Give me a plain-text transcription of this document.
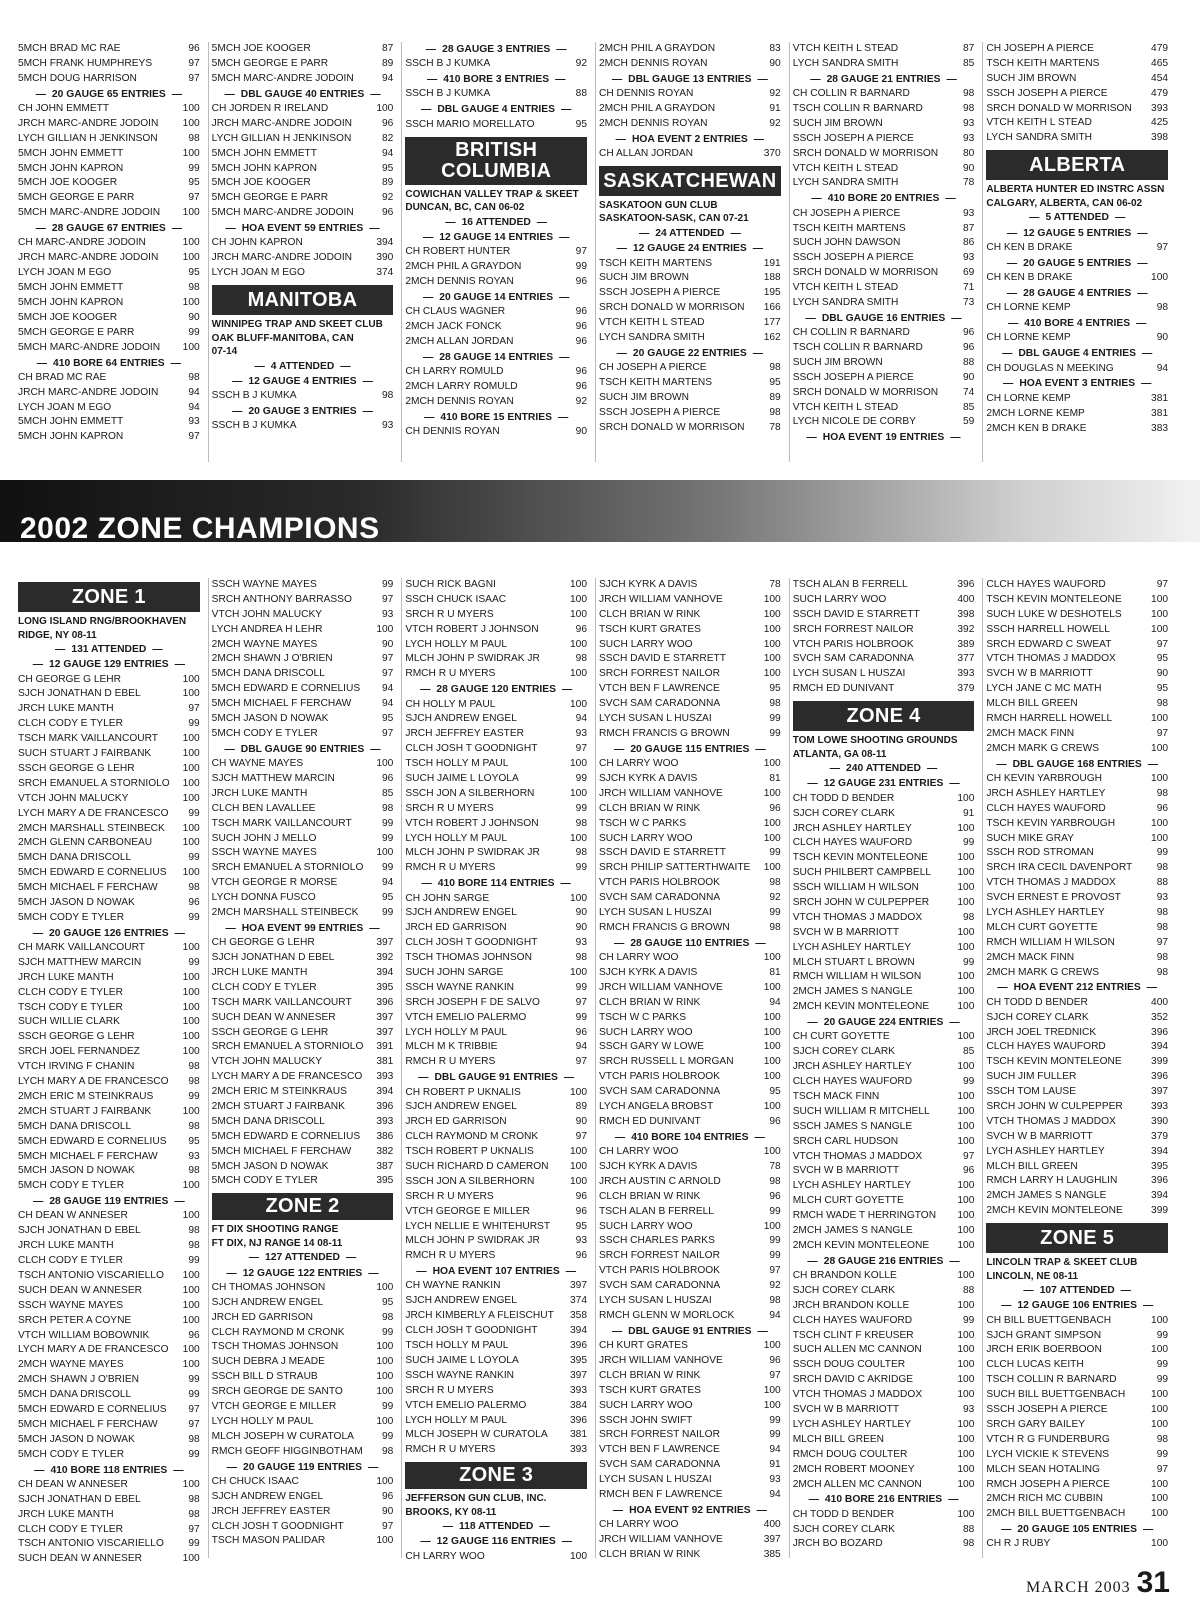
5MCH BRAD MC RAE	96
5MCH FRANK HUMPHREYS	97
5MCH DOUG HARRISON	97
— 20 GAUGE 65 ENTRIES —
CH JOHN EMMETT	100
JRCH MARC-ANDRE JODOIN 100
LYCH GILLIAN H JENKINSON	98
5MCH JOHN EMMETT	100
5MCH JOHN KAPRON	99
5MCH JOE KOOGER	95
5MCH GEORGE E PARR	97
5MCH MARC-ANDRE JODOIN 100
— 28 GAUGE 67 ENTRIES —
CH MARC-ANDRE JODOIN	100
JRCH MARC-ANDRE JODOIN 100
LYCH JOAN M EGO	95
5MCH JOHN EMMETT	98
5MCH JOHN KAPRON	100
5MCH JOE KOOGER	90
5MCH GEORGE E PARR	99
5MCH MARC-ANDRE JODOIN 100
— 410 BORE 64 ENTRIES —
CH BRAD MC RAE	98
JRCH MARC-ANDRE JODOIN	94
LYCH JOAN M EGO	94
5MCH JOHN EMMETT	93
5MCH JOHN KAPRON	97
5MCH JOE KOOGER	87
5MCH GEORGE E PARR	89
5MCH MARC-ANDRE JODOIN	94
— DBL GAUGE 40 ENTRIES —
CH JORDEN R IRELAND	100
JRCH MARC-ANDRE JODOIN	96
LYCH GILLIAN H JENKINSON	82
5MCH JOHN EMMETT	94
5MCH JOHN KAPRON	95
5MCH JOE KOOGER	89
5MCH GEORGE E PARR	92
5MCH MARC-ANDRE JODOIN	96
— HOA EVENT 59 ENTRIES —
CH JOHN KAPRON	394
JRCH MARC-ANDRE JODOIN 390
LYCH JOAN M EGO	374
MANITOBA
WINNIPEG TRAP AND SKEET CLUB
OAK BLUFF-MANITOBA, CAN
07-14
— 4 ATTENDED —
— 12 GAUGE 4 ENTRIES —
SSCH B J KUMKA	98
— 20 GAUGE 3 ENTRIES —
SSCH B J KUMKA	93
— 28 GAUGE 3 ENTRIES —
SSCH B J KUMKA	92
— 410 BORE 3 ENTRIES —
SSCH B J KUMKA	88
— DBL GAUGE 4 ENTRIES —
SSCH MARIO MORELLATO	95
BRITISH COLUMBIA
COWICHAN VALLEY TRAP & SKEET
DUNCAN, BC, CAN 06-02
— 16 ATTENDED —
— 12 GAUGE 14 ENTRIES —
CH ROBERT HUNTER	97
2MCH PHIL A GRAYDON	99
2MCH DENNIS ROYAN	96
— 20 GAUGE 14 ENTRIES —
CH CLAUS WAGNER	96
2MCH JACK FONCK	96
2MCH ALLAN JORDAN	96
— 28 GAUGE 14 ENTRIES —
CH LARRY ROMULD	96
2MCH LARRY ROMULD	96
2MCH DENNIS ROYAN	92
— 410 BORE 15 ENTRIES —
CH DENNIS ROYAN	90
2MCH PHIL A GRAYDON	83
2MCH DENNIS ROYAN	90
— DBL GAUGE 13 ENTRIES —
CH DENNIS ROYAN	92
2MCH PHIL A GRAYDON	91
2MCH DENNIS ROYAN	92
— HOA EVENT 2 ENTRIES —
CH ALLAN JORDAN	370
SASKATCHEWAN
SASKATOON GUN CLUB
SASKATOON-SASK, CAN 07-21
— 24 ATTENDED —
— 12 GAUGE 24 ENTRIES —
TSCH KEITH MARTENS	191
SUCH JIM BROWN	188
SSCH JOSEPH A PIERCE	195
SRCH DONALD W MORRISON 166
VTCH KEITH L STEAD	177
LYCH SANDRA SMITH	162
— 20 GAUGE 22 ENTRIES —
CH JOSEPH A PIERCE	98
TSCH KEITH MARTENS	95
SUCH JIM BROWN	89
SSCH JOSEPH A PIERCE	98
SRCH DONALD W MORRISON 78
VTCH KEITH L STEAD	87
LYCH SANDRA SMITH	85
— 28 GAUGE 21 ENTRIES —
CH COLLIN R BARNARD	98
TSCH COLLIN R BARNARD	98
SUCH JIM BROWN	93
SSCH JOSEPH A PIERCE	93
SRCH DONALD W MORRISON 80
VTCH KEITH L STEAD	90
LYCH SANDRA SMITH	78
— 410 BORE 20 ENTRIES —
CH JOSEPH A PIERCE	93
TSCH KEITH MARTENS	87
SUCH JOHN DAWSON	86
SSCH JOSEPH A PIERCE	93
SRCH DONALD W MORRISON 69
VTCH KEITH L STEAD	71
LYCH SANDRA SMITH	73
— DBL GAUGE 16 ENTRIES —
CH COLLIN R BARNARD	96
TSCH COLLIN R BARNARD	96
SUCH JIM BROWN	88
SSCH JOSEPH A PIERCE	90
SRCH DONALD W MORRISON 74
VTCH KEITH L STEAD	85
LYCH NICOLE DE CORBY	59
— HOA EVENT 19 ENTRIES —
CH JOSEPH A PIERCE	479
TSCH KEITH MARTENS	465
SUCH JIM BROWN	454
SSCH JOSEPH A PIERCE	479
SRCH DONALD W MORRISON 393
VTCH KEITH L STEAD	425
LYCH SANDRA SMITH	398
ALBERTA
ALBERTA HUNTER ED INSTRC ASSN
CALGARY, ALBERTA, CAN 06-02
— 5 ATTENDED —
— 12 GAUGE 5 ENTRIES —
CH KEN B DRAKE	97
— 20 GAUGE 5 ENTRIES —
CH KEN B DRAKE	100
— 28 GAUGE 4 ENTRIES —
CH LORNE KEMP	98
— 410 BORE 4 ENTRIES —
CH LORNE KEMP	90
— DBL GAUGE 4 ENTRIES —
CH DOUGLAS N MEEKING	94
— HOA EVENT 3 ENTRIES —
CH LORNE KEMP	381
2MCH LORNE KEMP	381
2MCH KEN B DRAKE	383
2002 ZONE CHAMPIONS
ZONE 1
LONG ISLAND RNG/BROOKHAVEN
RIDGE, NY 08-11
— 131 ATTENDED —
— 12 GAUGE 129 ENTRIES —
CH GEORGE G LEHR	100
SJCH JONATHAN D EBEL	100
JRCH LUKE MANTH	97
CLCH CODY E TYLER	99
TSCH MARK VAILLANCOURT 100
SUCH STUART J FAIRBANK	100
SSCH GEORGE G LEHR	100
SRCH EMANUEL A STORNIOLO 100
VTCH JOHN MALUCKY	100
LYCH MARY A DE FRANCESCO 99
2MCH MARSHALL STEINBECK 100
2MCH GLENN CARBONEAU	100
5MCH DANA DRISCOLL	99
5MCH EDWARD E CORNELIUS 100
5MCH MICHAEL F FERCHAW	98
5MCH JASON D NOWAK	96
5MCH CODY E TYLER	99
— 20 GAUGE 126 ENTRIES —
CH MARK VAILLANCOURT	100
SJCH MATTHEW MARCIN	99
JRCH LUKE MANTH	100
CLCH CODY E TYLER	100
TSCH CODY E TYLER	100
SUCH WILLIE CLARK	100
SSCH GEORGE G LEHR	100
SRCH JOEL FERNANDEZ	100
VTCH IRVING F CHANIN	98
LYCH MARY A DE FRANCESCO 98
2MCH ERIC M STEINKRAUS	99
2MCH STUART J FAIRBANK	100
5MCH DANA DRISCOLL	98
5MCH EDWARD E CORNELIUS 95
5MCH MICHAEL F FERCHAW	93
5MCH JASON D NOWAK	98
5MCH CODY E TYLER	100
— 28 GAUGE 119 ENTRIES —
CH DEAN W ANNESER	100
SJCH JONATHAN D EBEL	98
JRCH LUKE MANTH	98
CLCH CODY E TYLER	99
TSCH ANTONIO VISCARIELLO 100
SUCH DEAN W ANNESER	100
SSCH WAYNE MAYES	100
SRCH PETER A COYNE	100
VTCH WILLIAM BOBOWNIK	96
LYCH MARY A DE FRANCESCO 100
2MCH WAYNE MAYES	100
2MCH SHAWN J O'BRIEN	99
5MCH DANA DRISCOLL	99
5MCH EDWARD E CORNELIUS 97
5MCH MICHAEL F FERCHAW	97
5MCH JASON D NOWAK	98
5MCH CODY E TYLER	99
— 410 BORE 118 ENTRIES —
CH DEAN W ANNESER	100
SJCH JONATHAN D EBEL	98
JRCH LUKE MANTH	98
CLCH CODY E TYLER	97
TSCH ANTONIO VISCARIELLO 99
SUCH DEAN W ANNESER	100
SSCH WAYNE MAYES	99
SRCH ANTHONY BARRASSO	97
VTCH JOHN MALUCKY	93
LYCH ANDREA H LEHR	100
2MCH WAYNE MAYES	90
2MCH SHAWN J O'BRIEN	97
5MCH DANA DRISCOLL	97
5MCH EDWARD E CORNELIUS 94
5MCH MICHAEL F FERCHAW	94
5MCH JASON D NOWAK	95
5MCH CODY E TYLER	97
— DBL GAUGE 90 ENTRIES —
CH WAYNE MAYES	100
SJCH MATTHEW MARCIN	96
JRCH LUKE MANTH	85
CLCH BEN LAVALLEE	98
TSCH MARK VAILLANCOURT	99
SUCH JOHN J MELLO	99
SSCH WAYNE MAYES	100
SRCH EMANUEL A STORNIOLO 99
VTCH GEORGE R MORSE	94
LYCH DONNA FUSCO	95
2MCH MARSHALL STEINBECK 99
— HOA EVENT 99 ENTRIES —
CH GEORGE G LEHR	397
SJCH JONATHAN D EBEL	392
JRCH LUKE MANTH	394
CLCH CODY E TYLER	395
TSCH MARK VAILLANCOURT 396
SUCH DEAN W ANNESER	397
SSCH GEORGE G LEHR	397
SRCH EMANUEL A STORNIOLO 391
VTCH JOHN MALUCKY	381
LYCH MARY A DE FRANCESCO 393
2MCH ERIC M STEINKRAUS	394
2MCH STUART J FAIRBANK	396
5MCH DANA DRISCOLL	393
5MCH EDWARD E CORNELIUS 386
5MCH MICHAEL F FERCHAW 382
5MCH JASON D NOWAK	387
5MCH CODY E TYLER	395
ZONE 2
FT DIX SHOOTING RANGE
FT DIX, NJ RANGE 14 08-11
— 127 ATTENDED —
— 12 GAUGE 122 ENTRIES —
CH THOMAS JOHNSON	100
SJCH ANDREW ENGEL	95
JRCH ED GARRISON	98
CLCH RAYMOND M CRONK	99
TSCH THOMAS JOHNSON	100
SUCH DEBRA J MEADE	100
SSCH BILL D STRAUB	100
SRCH GEORGE DE SANTO	100
VTCH GEORGE E MILLER	99
LYCH HOLLY M PAUL	100
MLCH JOSEPH W CURATOLA	99
RMCH GEOFF HIGGINBOTHAM 98
— 20 GAUGE 119 ENTRIES —
CH CHUCK ISAAC	100
SJCH ANDREW ENGEL	96
JRCH JEFFREY EASTER	90
CLCH JOSH T GOODNIGHT	97
TSCH MASON PALIDAR	100
SUCH RICK BAGNI	100
SSCH CHUCK ISAAC	100
SRCH R U MYERS	100
VTCH ROBERT J JOHNSON	96
LYCH HOLLY M PAUL	100
MLCH JOHN P SWIDRAK JR	98
RMCH R U MYERS	100
— 28 GAUGE 120 ENTRIES —
CH HOLLY M PAUL	100
SJCH ANDREW ENGEL	94
JRCH JEFFREY EASTER	93
CLCH JOSH T GOODNIGHT	97
TSCH HOLLY M PAUL	100
SUCH JAIME L LOYOLA	99
SSCH JON A SILBERHORN	100
SRCH R U MYERS	99
VTCH ROBERT J JOHNSON	98
LYCH HOLLY M PAUL	100
MLCH JOHN P SWIDRAK JR	98
RMCH R U MYERS	99
— 410 BORE 114 ENTRIES —
CH JOHN SARGE	100
SJCH ANDREW ENGEL	90
JRCH ED GARRISON	90
CLCH JOSH T GOODNIGHT	93
TSCH THOMAS JOHNSON	98
SUCH JOHN SARGE	100
SSCH WAYNE RANKIN	99
SRCH JOSEPH F DE SALVO	97
VTCH EMELIO PALERMO	99
LYCH HOLLY M PAUL	96
MLCH M K TRIBBIE	94
RMCH R U MYERS	97
— DBL GAUGE 91 ENTRIES —
CH ROBERT P UKNALIS	100
SJCH ANDREW ENGEL	89
JRCH ED GARRISON	90
CLCH RAYMOND M CRONK	97
TSCH ROBERT P UKNALIS	100
SUCH RICHARD D CAMERON 100
SSCH JON A SILBERHORN	100
SRCH R U MYERS	96
VTCH GEORGE E MILLER	96
LYCH NELLIE E WHITEHURST	95
MLCH JOHN P SWIDRAK JR	93
RMCH R U MYERS	96
— HOA EVENT 107 ENTRIES —
CH WAYNE RANKIN	397
SJCH ANDREW ENGEL	374
JRCH KIMBERLY A FLEISCHUT 358
CLCH JOSH T GOODNIGHT	394
TSCH HOLLY M PAUL	396
SUCH JAIME L LOYOLA	395
SSCH WAYNE RANKIN	397
SRCH R U MYERS	393
VTCH EMELIO PALERMO	384
LYCH HOLLY M PAUL	396
MLCH JOSEPH W CURATOLA 381
RMCH R U MYERS	393
ZONE 3
JEFFERSON GUN CLUB, INC.
BROOKS, KY 08-11
— 118 ATTENDED —
— 12 GAUGE 116 ENTRIES —
CH LARRY WOO	100
SJCH KYRK A DAVIS	78
JRCH WILLIAM VANHOVE	100
CLCH BRIAN W RINK	100
TSCH KURT GRATES	100
SUCH LARRY WOO	100
SSCH DAVID E STARRETT	100
SRCH FORREST NAILOR	100
VTCH BEN F LAWRENCE	95
SVCH SAM CARADONNA	98
LYCH SUSAN L HUSZAI	99
RMCH FRANCIS G BROWN	99
— 20 GAUGE 115 ENTRIES —
CH LARRY WOO	100
SJCH KYRK A DAVIS	81
JRCH WILLIAM VANHOVE	100
CLCH BRIAN W RINK	96
TSCH W C PARKS	100
SUCH LARRY WOO	100
SSCH DAVID E STARRETT	99
SRCH PHILIP SATTERTHWAITE 100
VTCH PARIS HOLBROOK	98
SVCH SAM CARADONNA	92
LYCH SUSAN L HUSZAI	99
RMCH FRANCIS G BROWN	98
— 28 GAUGE 110 ENTRIES —
CH LARRY WOO	100
SJCH KYRK A DAVIS	81
JRCH WILLIAM VANHOVE	100
CLCH BRIAN W RINK	94
TSCH W C PARKS	100
SUCH LARRY WOO	100
SSCH GARY W LOWE	100
SRCH RUSSELL L MORGAN	100
VTCH PARIS HOLBROOK	100
SVCH SAM CARADONNA	95
LYCH ANGELA BROBST	100
RMCH ED DUNIVANT	96
— 410 BORE 104 ENTRIES —
CH LARRY WOO	100
SJCH KYRK A DAVIS	78
JRCH AUSTIN C ARNOLD	98
CLCH BRIAN W RINK	96
TSCH ALAN B FERRELL	99
SUCH LARRY WOO	100
SSCH CHARLES PARKS	99
SRCH FORREST NAILOR	99
VTCH PARIS HOLBROOK	97
SVCH SAM CARADONNA	92
LYCH SUSAN L HUSZAI	98
RMCH GLENN W MORLOCK	94
— DBL GAUGE 91 ENTRIES —
CH KURT GRATES	100
JRCH WILLIAM VANHOVE	96
CLCH BRIAN W RINK	97
TSCH KURT GRATES	100
SUCH LARRY WOO	100
SSCH JOHN SWIFT	99
SRCH FORREST NAILOR	99
VTCH BEN F LAWRENCE	94
SVCH SAM CARADONNA	91
LYCH SUSAN L HUSZAI	93
RMCH BEN F LAWRENCE	94
— HOA EVENT 92 ENTRIES —
CH LARRY WOO	400
JRCH WILLIAM VANHOVE	397
CLCH BRIAN W RINK	385
TSCH ALAN B FERRELL	396
SUCH LARRY WOO	400
SSCH DAVID E STARRETT	398
SRCH FORREST NAILOR	392
VTCH PARIS HOLBROOK	389
SVCH SAM CARADONNA	377
LYCH SUSAN L HUSZAI	393
RMCH ED DUNIVANT	379
ZONE 4
TOM LOWE SHOOTING GROUNDS
ATLANTA, GA 08-11
— 240 ATTENDED —
— 12 GAUGE 231 ENTRIES —
CH TODD D BENDER	100
SJCH COREY CLARK	91
JRCH ASHLEY HARTLEY	100
CLCH HAYES WAUFORD	99
TSCH KEVIN MONTELEONE	100
SUCH PHILBERT CAMPBELL	100
SSCH WILLIAM H WILSON	100
SRCH JOHN W CULPEPPER	100
VTCH THOMAS J MADDOX	98
SVCH W B MARRIOTT	100
LYCH ASHLEY HARTLEY	100
MLCH STUART L BROWN	99
RMCH WILLIAM H WILSON	100
2MCH JAMES S NANGLE	100
2MCH KEVIN MONTELEONE	100
— 20 GAUGE 224 ENTRIES —
CH CURT GOYETTE	100
SJCH COREY CLARK	85
JRCH ASHLEY HARTLEY	100
CLCH HAYES WAUFORD	99
TSCH MACK FINN	100
SUCH WILLIAM R MITCHELL	100
SSCH JAMES S NANGLE	100
SRCH CARL HUDSON	100
VTCH THOMAS J MADDOX	97
SVCH W B MARRIOTT	96
LYCH ASHLEY HARTLEY	100
MLCH CURT GOYETTE	100
RMCH WADE T HERRINGTON 100
2MCH JAMES S NANGLE	100
2MCH KEVIN MONTELEONE	100
— 28 GAUGE 216 ENTRIES —
CH BRANDON KOLLE	100
SJCH COREY CLARK	88
JRCH BRANDON KOLLE	100
CLCH HAYES WAUFORD	99
TSCH CLINT F KREUSER	100
SUCH ALLEN MC CANNON	100
SSCH DOUG COULTER	100
SRCH DAVID C AKRIDGE	100
VTCH THOMAS J MADDOX	100
SVCH W B MARRIOTT	93
LYCH ASHLEY HARTLEY	100
MLCH BILL GREEN	100
RMCH DOUG COULTER	100
2MCH ROBERT MOONEY	100
2MCH ALLEN MC CANNON	100
— 410 BORE 216 ENTRIES —
CH TODD D BENDER	100
SJCH COREY CLARK	88
JRCH BO BOZARD	98
CLCH HAYES WAUFORD	97
TSCH KEVIN MONTELEONE	100
SUCH LUKE W DESHOTELS	100
SSCH HARRELL HOWELL	100
SRCH EDWARD C SWEAT	97
VTCH THOMAS J MADDOX	95
SVCH W B MARRIOTT	90
LYCH JANE C MC MATH	95
MLCH BILL GREEN	98
RMCH HARRELL HOWELL	100
2MCH MACK FINN	97
2MCH MARK G CREWS	100
— DBL GAUGE 168 ENTRIES —
CH KEVIN YARBROUGH	100
JRCH ASHLEY HARTLEY	98
CLCH HAYES WAUFORD	96
TSCH KEVIN YARBROUGH	100
SUCH MIKE GRAY	100
SSCH ROD STROMAN	99
SRCH IRA CECIL DAVENPORT 98
VTCH THOMAS J MADDOX	88
SVCH ERNEST E PROVOST	93
LYCH ASHLEY HARTLEY	98
MLCH CURT GOYETTE	98
RMCH WILLIAM H WILSON	97
2MCH MACK FINN	98
2MCH MARK G CREWS	98
— HOA EVENT 212 ENTRIES —
CH TODD D BENDER	400
SJCH COREY CLARK	352
JRCH JOEL TREDNICK	396
CLCH HAYES WAUFORD	394
TSCH KEVIN MONTELEONE	399
SUCH JIM FULLER	396
SSCH TOM LAUSE	397
SRCH JOHN W CULPEPPER	393
VTCH THOMAS J MADDOX	390
SVCH W B MARRIOTT	379
LYCH ASHLEY HARTLEY	394
MLCH BILL GREEN	395
RMCH LARRY H LAUGHLIN	396
2MCH JAMES S NANGLE	394
2MCH KEVIN MONTELEONE	399
ZONE 5
LINCOLN TRAP & SKEET CLUB
LINCOLN, NE 08-11
— 107 ATTENDED —
— 12 GAUGE 106 ENTRIES —
CH BILL BUETTGENBACH	100
SJCH GRANT SIMPSON	99
JRCH ERIK BOERBOON	100
CLCH LUCAS KEITH	99
TSCH COLLIN R BARNARD	99
SUCH BILL BUETTGENBACH	100
SSCH JOSEPH A PIERCE	100
SRCH GARY BAILEY	100
VTCH R G FUNDERBURG	98
LYCH VICKIE K STEVENS	99
MLCH SEAN HOTALING	97
RMCH JOSEPH A PIERCE	100
2MCH RICH MC CUBBIN	100
2MCH BILL BUETTGENBACH	100
— 20 GAUGE 105 ENTRIES —
CH R J RUBY	100
MARCH 2003 31
